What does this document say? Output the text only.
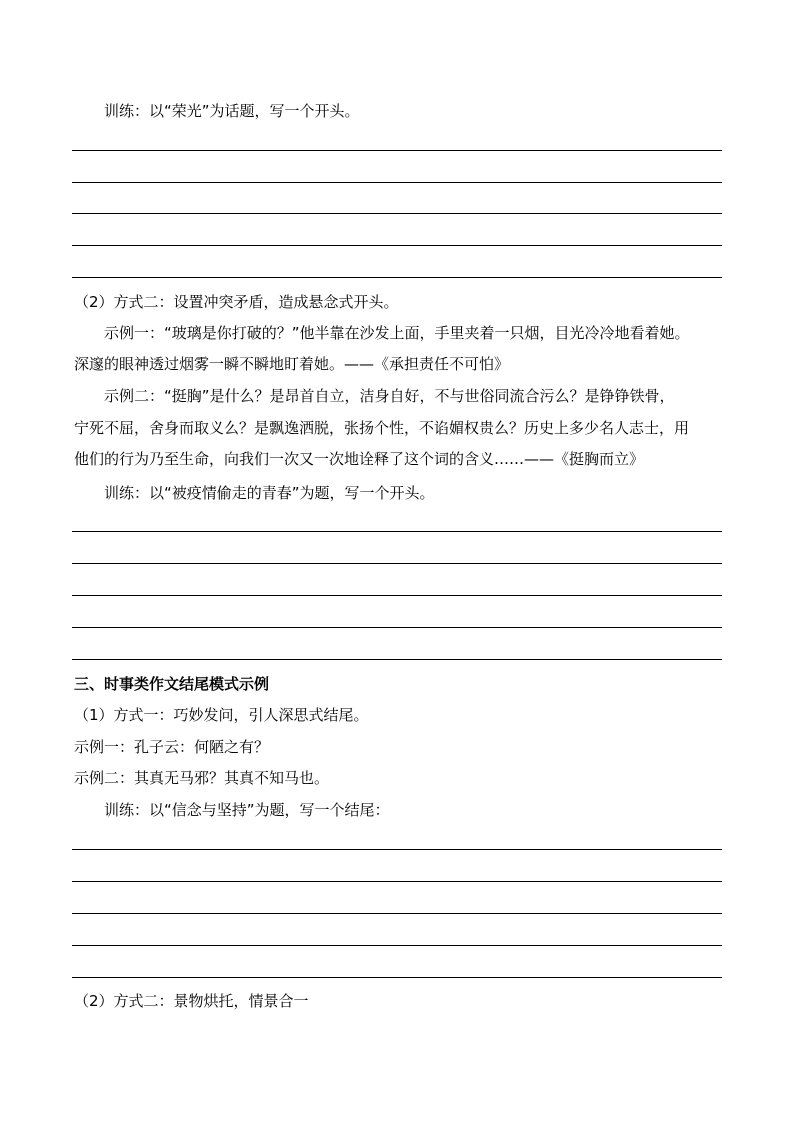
训练：以“荣光”为话题，写一个开头。
（2）方式二：设置冲突矛盾，造成悬念式开头。
示例一：“玻璃是你打破的？”他半靠在沙发上面，手里夹着一只烟，目光冷冷地看着她。
深邃的眼神透过烟雾一瞬不瞬地盯着她。——《承担责任不可怕》
示例二：“挺胸”是什么？是昂首自立，洁身自好，不与世俗同流合污么？是铮铮铁骨，
宁死不屈，舍身而取义么？是飘逸洒脱，张扬个性，不谄媚权贵么？历史上多少名人志士，用
他们的行为乃至生命，向我们一次又一次地诠释了这个词的含义……——《挺胸而立》
训练：以“被疫情偷走的青春”为题，写一个开头。
三、时事类作文结尾模式示例
（1）方式一：巧妙发问，引人深思式结尾。
示例一：孔子云：何陋之有？
示例二：其真无马邪？其真不知马也。
训练：以“信念与坚持”为题，写一个结尾：
（2）方式二：景物烘托，情景合一
